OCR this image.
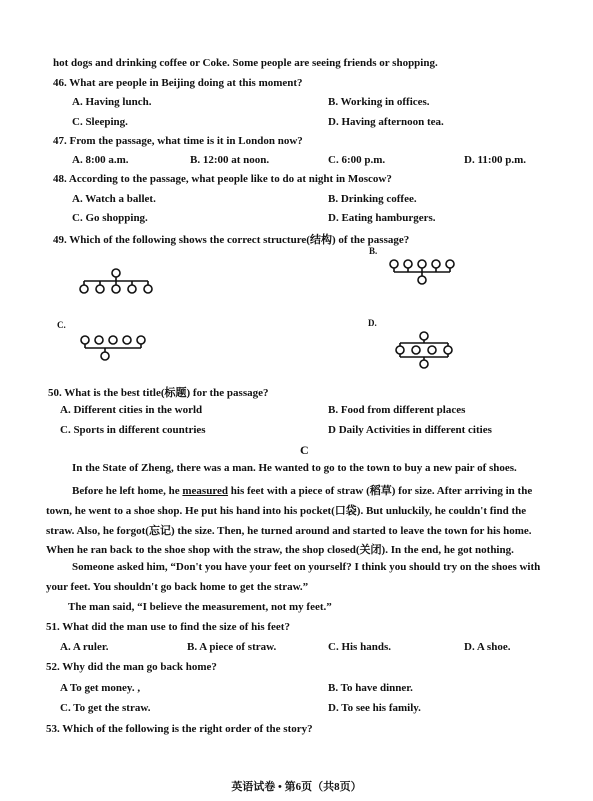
hot dogs and drinking coffee or Coke. Some people are seeing friends or shopping.
46. What are people in Beijing doing at this moment?
A. Having lunch.	B. Working in offices.
C. Sleeping.	D. Having afternoon tea.
47. From the passage, what time is it in London now?
A. 8:00 a.m.	B. 12:00 at noon.	C. 6:00 p.m.	D. 11:00 p.m.
48. According to the passage, what people like to do at night in Moscow?
A. Watch a ballet.	B. Drinking coffee.
C. Go shopping.	D. Eating hamburgers.
49. Which of the following shows the correct structure(结构) of the passage?
B.
C.	D.
50. What is the best title(标题) for the passage?
A. Different cities in the world	B. Food from different places
C. Sports in different countries	D Daily Activities in different cities
C
In the State of Zheng, there was a man. He wanted to go to the town to buy a new pair of shoes.
Before he left home, he measured his feet with a piece of straw (稻草) for size. After arriving in the
town, he went to a shoe shop. He put his hand into his pocket(口袋). But unluckily, he couldn't find the
straw. Also, he forgot(忘记) the size. Then, he turned around and started to leave the town for his home.
When he ran back to the shoe shop with the straw, the shop closed(关闭). In the end, he got nothing.
Someone asked him, “Don't you have your feet on yourself? I think you should try on the shoes with
your feet. You shouldn't go back home to get the straw.”
The man said, “I believe the measurement, not my feet.”
51. What did the man use to find the size of his feet?
A. A ruler.	B. A piece of straw.	C. His hands.	D. A shoe.
52. Why did the man go back home?
A To get money. ,	B. To have dinner.
C. To get the straw.	D. To see his family.
53. Which of the following is the right order of the story?
英语试卷 • 第6页（共8页）
